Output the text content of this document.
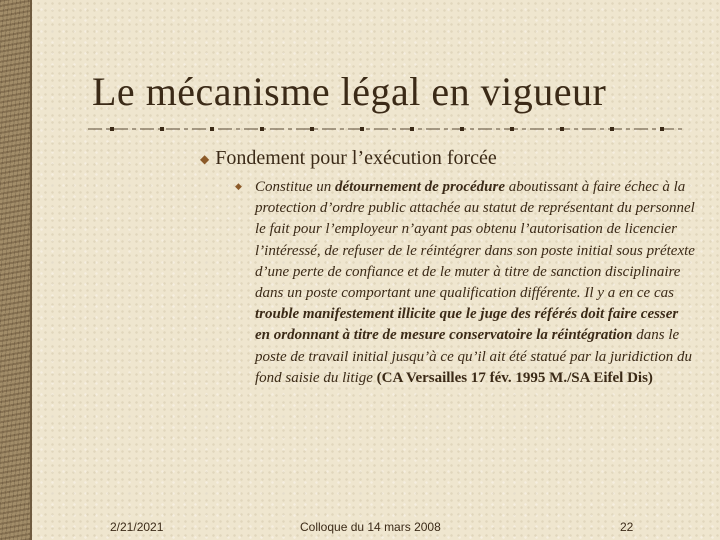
Le mécanisme légal en vigueur
◆ Fondement pour l’exécution forcée
◆ Constitue un détournement de procédure aboutissant à faire échec à la protection d’ordre public attachée au statut de représentant du personnel le fait pour l’employeur n’ayant pas obtenu l’autorisation de licencier l’intéressé, de refuser de le réintégrer dans son poste initial sous prétexte d’une perte de confiance et de le muter à titre de sanction disciplinaire dans un poste comportant une qualification différente. Il y a en ce cas trouble manifestement illicite que le juge des référés doit faire cesser en ordonnant à titre de mesure conservatoire la réintégration dans le poste de travail initial jusqu’à ce qu’il ait été statué par la juridiction du fond saisie du litige (CA Versailles 17 fév. 1995 M./SA Eifel Dis)
2/21/2021	Colloque du 14 mars 2008	22
